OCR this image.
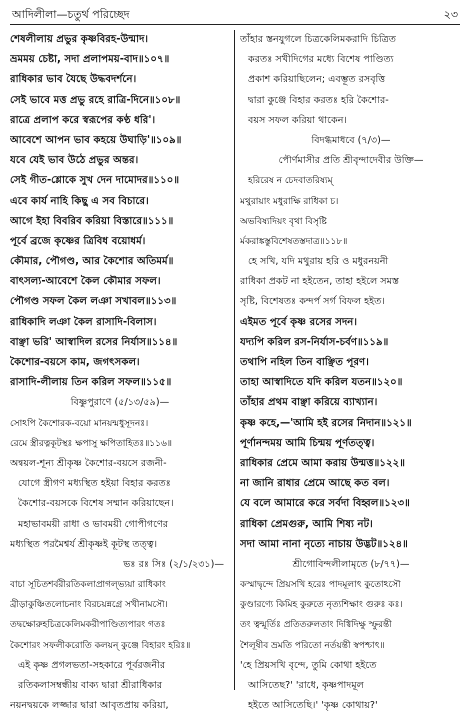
আদিলীলা—চতুর্থ পরিচ্ছেদ	২৩
শেষলীলায় প্রভুর কৃষ্ণবিরহ-উন্মাদ।
ভ্রমময় চেষ্টা, সদা প্রলাপময়-বাদ॥১০৭॥
রাধিকার ভাব যৈছে উদ্ধবদর্শনে।
সেই ভাবে মত্ত প্রভু রহে রাত্রি-দিনে॥১০৮॥
রাত্রে প্রলাপ করে স্বরূপের কণ্ঠ ধরি'।
আবেশে আপন ভাব কহয়ে উঘাড়ি'॥১০৯॥
যবে যেই ভাব উঠে প্রভুর অন্তর।
সেই গীত-শ্লোকে সুখ দেন দামোদর॥১১০॥
এবে কার্য নাহি কিছু এ সব বিচারে।
আগে ইহা বিবরিব করিয়া বিস্তারে॥১১১॥
পূর্বে ব্রজে কৃষ্ণের ত্রিবিধ বয়োধর্ম।
কৌমার, পৌগণ্ড, আর কৈশোর অতিমর্ম॥
বাৎসল্য-আবেশে কৈল কৌমার সফল।
পৌগণ্ড সফল কৈল লঞা সখাবল॥১১৩॥
রাধিকাদি লঞা কৈল রাসাদি-বিলাস।
বাঞ্ছা ভরি' আস্বাদিল রসের নির্যাস॥১১৪॥
কৈশোর-বয়সে কাম, জগৎসকল।
রাসাদি-লীলায় তিন করিল সফল॥১১৫॥
বিষ্ণুপুরাণে (৫/১৩/৫৯)—
সোঽপি কৈশোরক-বয়ো মানয়ন্মধুসূদনঃ।
রেমে স্ত্রীরত্নকূটস্থঃ ক্ষপাসু ক্ষপিতাহিতঃ॥১১৬॥
অন্বয়ল-শূন্য শ্রীকৃষ্ণ কৈশোর-বয়সে রজনী-
যোগে স্ত্রীগণ মধ্যস্থিত হইয়া বিহার করতঃ
কৈশোর-বয়সকে বিশেষ সম্মান করিয়াছেন।
মহাভাবময়ী রাধা ও ভাবময়ী গোপীগণের
মধ্যস্থিত পরমৈশ্বর্য শ্রীকৃষ্ণই কূটস্থ তত্ত্ব।
ভঃ রঃ সিঃ (২/১/২৩১)—
বাচা সূচিতশর্বরীরতিকলাপ্রাগল্ভ্যয়া রাধিকাং
ব্রীড়াকুঞ্চিতলোচনাং বিরচয়ন্নগ্রে সখীনামসৌ।
তদ্বক্ষোরুহচিত্রকেলিমকরীপাণ্ডিত্যপারং গতঃ
কৈশোরং সফলীকরোতি কলয়ন্ কুঞ্জে বিহারং হরিঃ॥
এই কৃষ্ণ প্রগলভতা-সহকারে পূর্বরজনীর
রতিকলাসম্বন্ধীয় বাক্য দ্বারা শ্রীরাধিকার
নয়নদ্বয়কে লজ্জার দ্বারা আবৃতপ্রায় করিয়া,
তাঁহার স্তনযুগলে চিত্রকেলিমকরাদি চিত্রিত
করতঃ সখীদিগের মধ্যে বিশেষ পাণ্ডিত্য
প্রকাশ করিয়াছিলেন; এবম্ভূত রসবৃত্তি
দ্বারা কুঞ্জে বিহার করতঃ হরি কৈশোর-
বয়স সফল করিয়া থাকেন।
বিদগ্ধমাধবে (৭/৩)—
পৌর্ণমাসীর প্রতি শ্রীবৃন্দাদেবীর উক্তি—
হরিরেষ ন চেদবাতরিষ্যম্
মথুরায়াং মধুরাক্ষি রাধিকা চ।
অভবিষ্যদিয়ং বৃথা বিসৃষ্টি
র্মকরাঙ্কস্তুবিশেষতস্তদাত্র॥১১৮॥
হে সখি, যদি মথুরায় হরি ও মধুরনয়নী
রাধিকা প্রকট না হইতেন, তাহা হইলে সমস্ত
সৃষ্টি, বিশেষতঃ কন্দর্প সর্গ বিফল হইত।
এইমত পূর্বে কৃষ্ণ রসের সদন।
যদ্যপি করিল রস-নির্যাস-চর্বণ॥১১৯॥
তথাপি নহিল তিন বাঞ্ছিত পূরণ।
তাহা আস্বাদিতে যদি করিল যতন॥১২০॥
তাঁহার প্রথম বাঞ্ছা করিয়ে ব্যাখ্যান।
কৃষ্ণ কহে,—'আমি হই রসের নিদান॥১২১॥
পূর্ণানন্দময় আমি চিন্ময় পূর্ণতত্ত্ব।
রাধিকার প্রেমে আমা করায় উন্মত্ত॥১২২॥
না জানি রাধার প্রেমে আছে কত বল।
যে বলে আমারে করে সর্বদা বিহ্বল॥১২৩॥
রাধিকা প্রেমগুরু, আমি শিষ্য নট।
সদা আমা নানা নৃত্যে নাচায় উদ্ভট॥১২৪॥
শ্রীগোবিন্দলীলামৃতে (৮/৭৭)—
কস্মাদ্বৃন্দে প্রিয়সখি হরেঃ পাদমূলাৎ কুতোঽসৌ
কুণ্ডারণ্যে কিমিহ কুরুতে নৃত্যশিক্ষাং গুরুঃ কঃ।
তং ত্বন্মূর্তিঃ প্রতিতরুলতাং দিগ্বিদিক্ষু স্ফুরন্তী
শৈলূষীব ভ্রমতি পরিতো নর্তয়ন্তী স্বপশ্চাৎ॥
'হে প্রিয়সখি বৃন্দে, তুমি কোথা হইতে
আসিতেছ?' 'রাধে, কৃষ্ণপাদমূল
হইতে আসিতেছি।' 'কৃষ্ণ কোথায়?'
